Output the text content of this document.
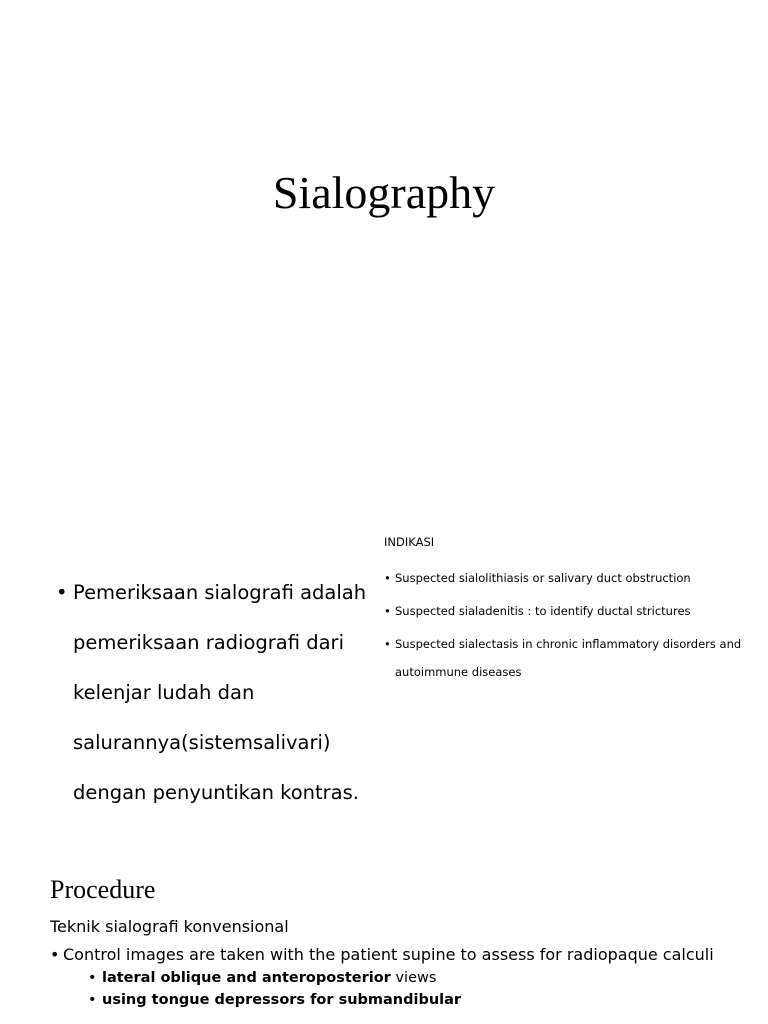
Sialography
• Pemeriksaan sialografi adalah pemeriksaan radiografi dari kelenjar ludah dan salurannya(sistemsalivari) dengan penyuntikan kontras.
INDIKASI
• Suspected sialolithiasis or salivary duct obstruction
• Suspected sialadenitis : to identify ductal strictures
• Suspected sialectasis in chronic inflammatory disorders and autoimmune diseases
Procedure
Teknik sialografi konvensional
• Control images are taken with the patient supine to assess for radiopaque calculi
• lateral oblique and anteroposterior views
• using tongue depressors for submandibular
